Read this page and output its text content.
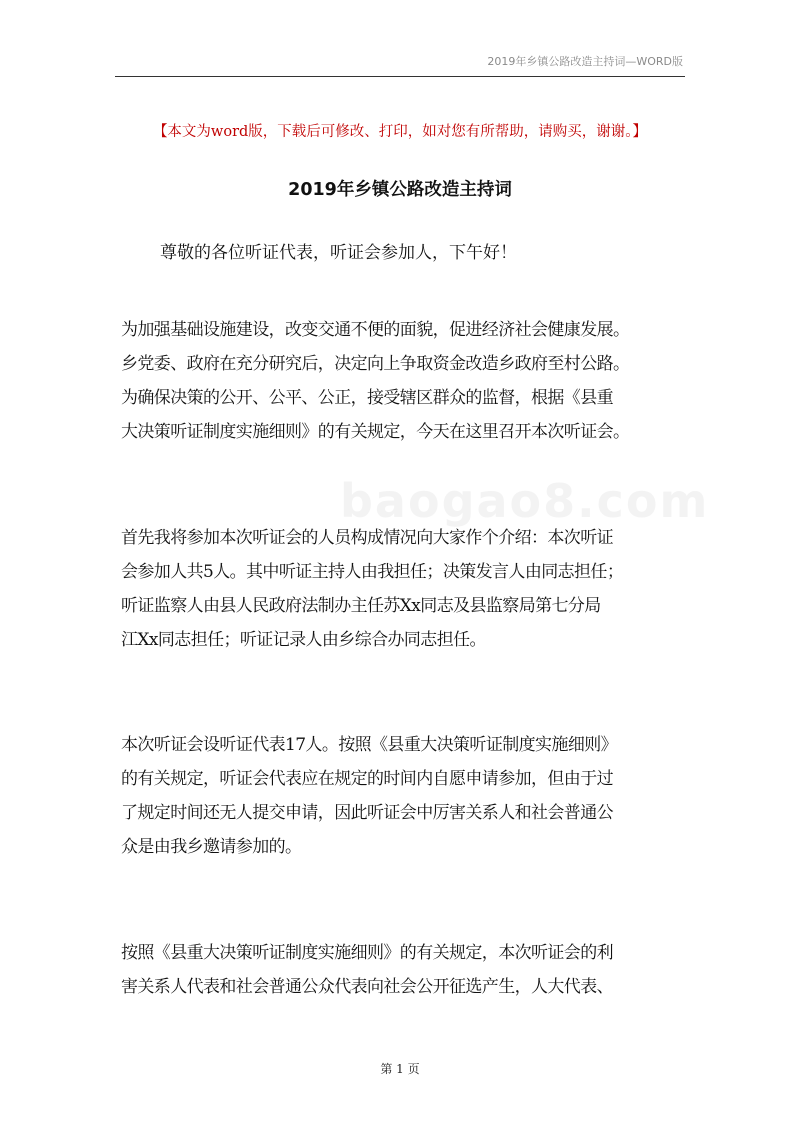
2019年乡镇公路改造主持词—WORD版
【本文为word版，下载后可修改、打印，如对您有所帮助，请购买，谢谢。】
2019年乡镇公路改造主持词
尊敬的各位听证代表，听证会参加人，下午好！
baogao8.com
为加强基础设施建设，改变交通不便的面貌，促进经济社会健康发展。
乡党委、政府在充分研究后，决定向上争取资金改造乡政府至村公路。
为确保决策的公开、公平、公正，接受辖区群众的监督，根据《县重
大决策听证制度实施细则》的有关规定，今天在这里召开本次听证会。
首先我将参加本次听证会的人员构成情况向大家作个介绍：本次听证
会参加人共5人。其中听证主持人由我担任；决策发言人由同志担任；
听证监察人由县人民政府法制办主任苏Xx同志及县监察局第七分局
江Xx同志担任；听证记录人由乡综合办同志担任。
本次听证会设听证代表17人。按照《县重大决策听证制度实施细则》
的有关规定，听证会代表应在规定的时间内自愿申请参加，但由于过
了规定时间还无人提交申请，因此听证会中厉害关系人和社会普通公
众是由我乡邀请参加的。
按照《县重大决策听证制度实施细则》的有关规定，本次听证会的利
害关系人代表和社会普通公众代表向社会公开征选产生，人大代表、
第 1 页
